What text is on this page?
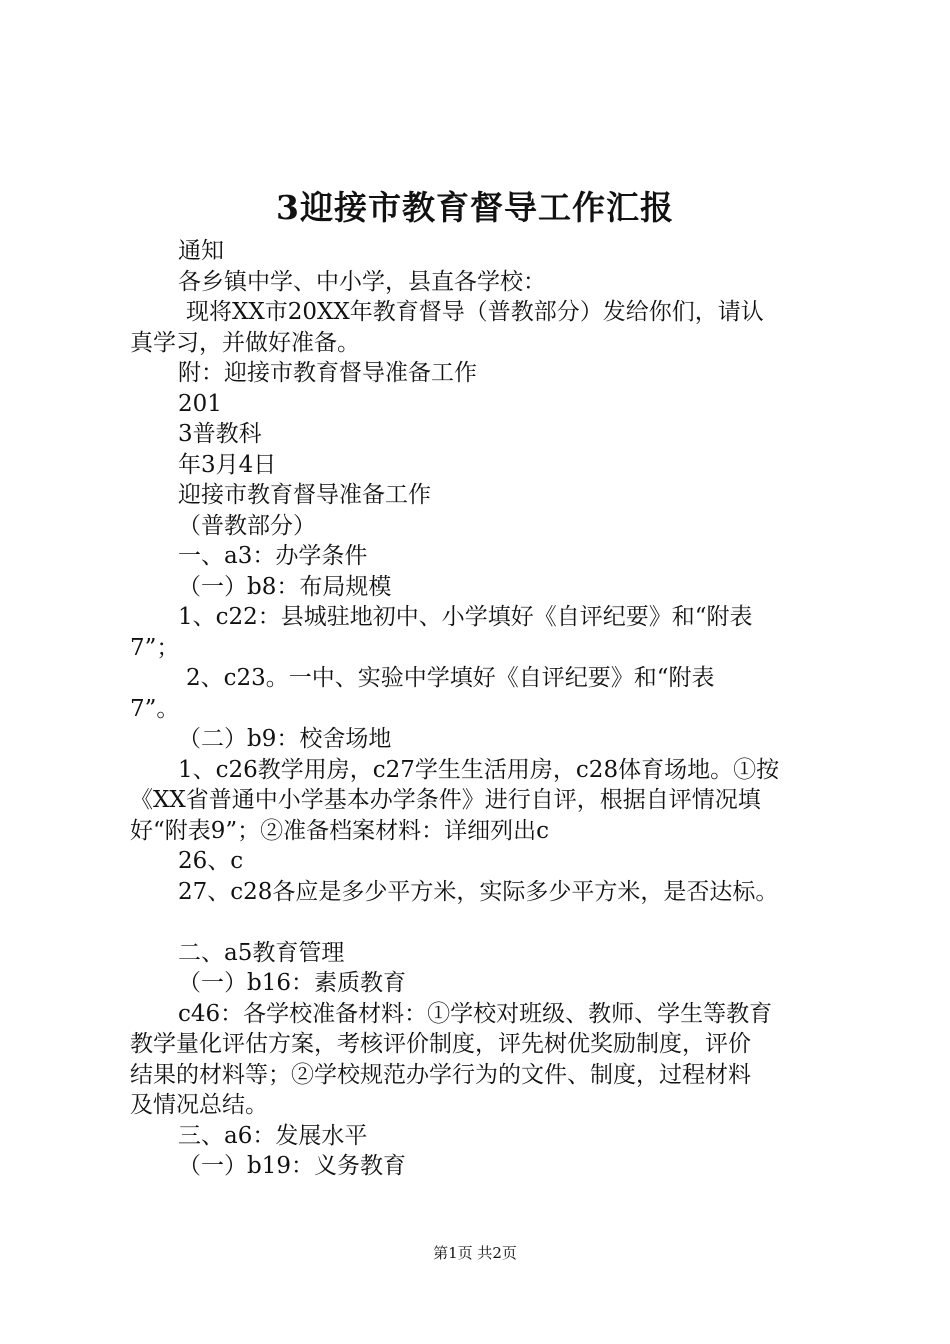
3迎接市教育督导工作汇报

通知

各乡镇中学、中小学，县直各学校：

现将XX市20XX年教育督导（普教部分）发给你们，请认

真学习，并做好准备。

附：迎接市教育督导准备工作

201

3普教科

年3月4日

迎接市教育督导准备工作

（普教部分）

一、a3：办学条件

（一）b8：布局规模

1、c22：县城驻地初中、小学填好《自评纪要》和“附表

7”；

2、c23。一中、实验中学填好《自评纪要》和“附表

7”。

（二）b9：校舍场地

1、c26教学用房，c27学生生活用房，c28体育场地。①按

《XX省普通中小学基本办学条件》进行自评，根据自评情况填

好“附表9”；②准备档案材料：详细列出c

26、c

27、c28各应是多少平方米，实际多少平方米，是否达标。

二、a5教育管理

（一）b16：素质教育

c46：各学校准备材料：①学校对班级、教师、学生等教育

教学量化评估方案，考核评价制度，评先树优奖励制度，评价

结果的材料等；②学校规范办学行为的文件、制度，过程材料

及情况总结。

三、a6：发展水平

（一）b19：义务教育

第1页 共2页
